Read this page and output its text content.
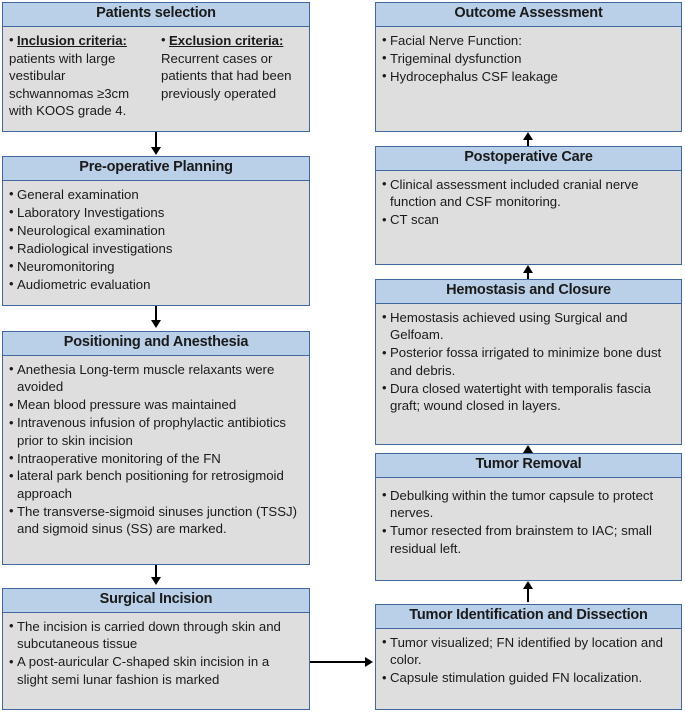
Patients selection
• Inclusion criteria:
patients with large vestibular schwannomas ≥3cm with KOOS grade 4.
• Exclusion criteria:
Recurrent cases or patients that had been previously operated
Pre-operative Planning
• General examination
• Laboratory Investigations
• Neurological examination
• Radiological investigations
• Neuromonitoring
• Audiometric evaluation
Positioning and Anesthesia
• Anethesia Long-term muscle relaxants were avoided
• Mean blood pressure was maintained
• Intravenous infusion of prophylactic antibiotics prior to skin incision
• Intraoperative monitoring of the FN
• lateral park bench positioning for retrosigmoid approach
• The transverse-sigmoid sinuses junction (TSSJ) and sigmoid sinus (SS) are marked.
Surgical Incision
• The incision is carried down through skin and subcutaneous tissue
• A post-auricular C-shaped skin incision in a slight semi lunar fashion is marked
Outcome Assessment
• Facial Nerve Function:
• Trigeminal dysfunction
• Hydrocephalus CSF leakage
Postoperative Care
• Clinical assessment included cranial nerve function and CSF monitoring.
• CT scan
Hemostasis and Closure
• Hemostasis achieved using Surgical and Gelfoam.
• Posterior fossa irrigated to minimize bone dust and debris.
• Dura closed watertight with temporalis fascia graft; wound closed in layers.
Tumor Removal
• Debulking within the tumor capsule to protect nerves.
• Tumor resected from brainstem to IAC; small residual left.
Tumor Identification and Dissection
• Tumor visualized; FN identified by location and color.
• Capsule stimulation guided FN localization.
